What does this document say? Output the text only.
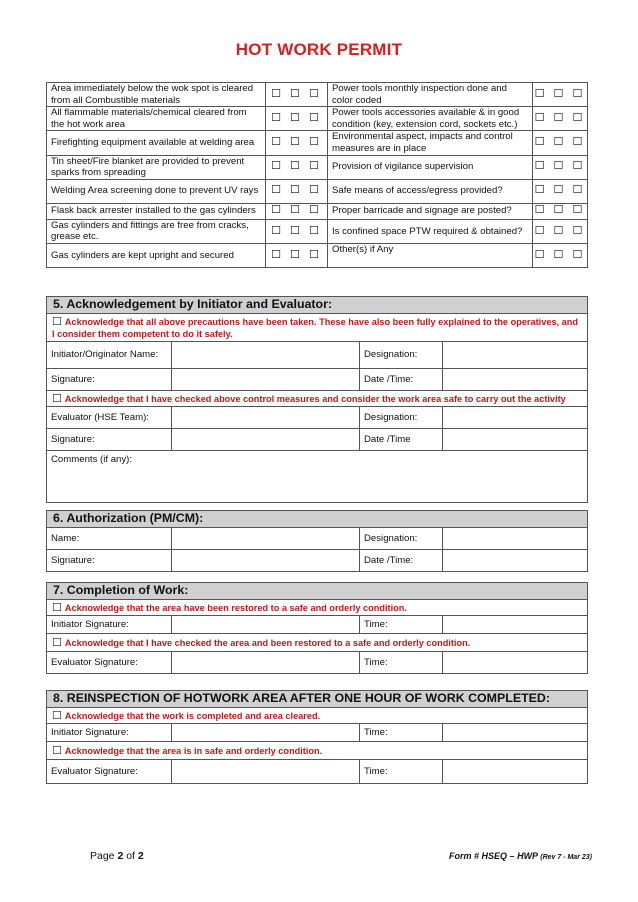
HOT WORK PERMIT
Area immediately below the wok spot is cleared from all Combustible materials	☐ ☐ ☐	Power tools monthly inspection done and color coded	☐ ☐ ☐
All flammable materials/chemical cleared from the hot work area	☐ ☐ ☐	Power tools accessories available & in good condition (key, extension cord, sockets etc.)	☐ ☐ ☐
Firefighting equipment available at welding area	☐ ☐ ☐	Environmental aspect, impacts and control measures are in place	☐ ☐ ☐
Tin sheet/Fire blanket are provided to prevent sparks from spreading	☐ ☐ ☐	Provision of vigilance supervision	☐ ☐ ☐
Welding Area screening done to prevent UV rays	☐ ☐ ☐	Safe means of access/egress provided?	☐ ☐ ☐
Flask back arrester installed to the gas cylinders	☐ ☐ ☐	Proper barricade and signage are posted?	☐ ☐ ☐
Gas cylinders and fittings are free from cracks, grease etc.	☐ ☐ ☐	Is confined space PTW required & obtained?	☐ ☐ ☐
Gas cylinders are kept upright and secured	☐ ☐ ☐	Other(s) if Any	☐ ☐ ☐
5. Acknowledgement by Initiator and Evaluator:			
☐ Acknowledge that all above precautions have been taken. These have also been fully explained to the operatives, and I consider them competent to do it safely.			
Initiator/Originator Name:		Designation:	
Signature:		Date /Time:	
☐ Acknowledge that I have checked above control measures and consider the work area safe to carry out the activity			
Evaluator (HSE Team):		Designation:	
Signature:		Date /Time	
Comments (if any):			
6. Authorization (PM/CM):			
Name:		Designation:	
Signature:		Date /Time:	
7. Completion of Work:			
☐ Acknowledge that the area have been restored to a safe and orderly condition.			
Initiator Signature:		Time:	
☐ Acknowledge that I have checked the area and been restored to a safe and orderly condition.			
Evaluator Signature:		Time:	
8. REINSPECTION OF HOTWORK AREA AFTER ONE HOUR OF WORK COMPLETED:			
☐ Acknowledge that the work is completed and area cleared.			
Initiator Signature:		Time:	
☐ Acknowledge that the area is in safe and orderly condition.			
Evaluator Signature:		Time:	
Page 2 of 2	Form # HSEQ – HWP (Rev 7 - Mar 23)
